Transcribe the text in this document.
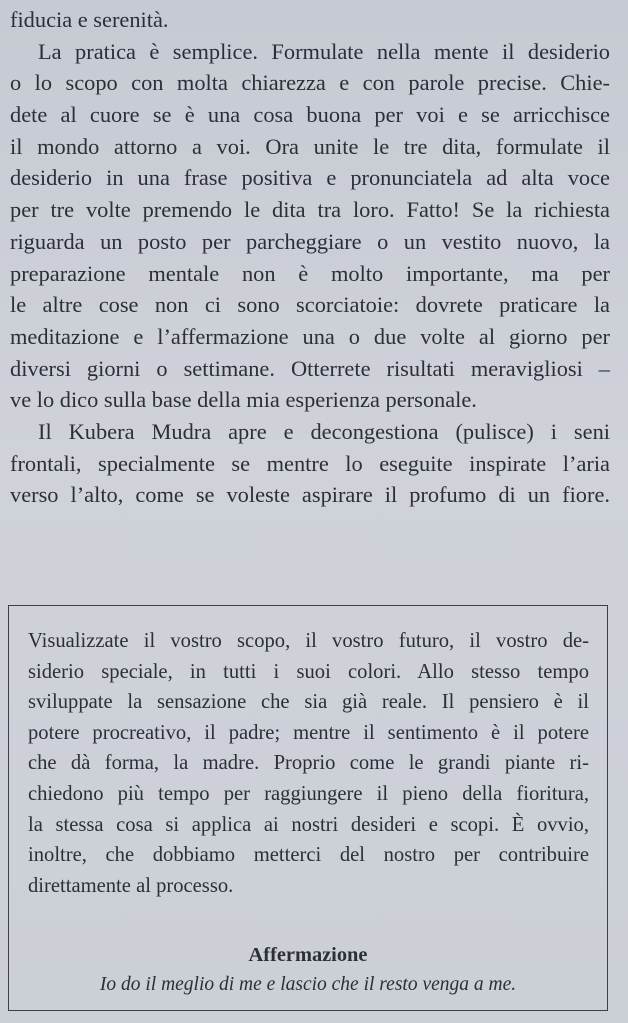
fiducia e serenità.
La pratica è semplice. Formulate nella mente il desiderio
o lo scopo con molta chiarezza e con parole precise. Chie-
dete al cuore se è una cosa buona per voi e se arricchisce
il mondo attorno a voi. Ora unite le tre dita, formulate il
desiderio in una frase positiva e pronunciatela ad alta voce
per tre volte premendo le dita tra loro. Fatto! Se la richiesta
riguarda un posto per parcheggiare o un vestito nuovo, la
preparazione mentale non è molto importante, ma per
le altre cose non ci sono scorciatoie: dovrete praticare la
meditazione e l’affermazione una o due volte al giorno per
diversi giorni o settimane. Otterrete risultati meravigliosi –
ve lo dico sulla base della mia esperienza personale.
Il Kubera Mudra apre e decongestiona (pulisce) i seni
frontali, specialmente se mentre lo eseguite inspirate l’aria
verso l’alto, come se voleste aspirare il profumo di un fiore.
Visualizzate il vostro scopo, il vostro futuro, il vostro de-
siderio speciale, in tutti i suoi colori. Allo stesso tempo
sviluppate la sensazione che sia già reale. Il pensiero è il
potere procreativo, il padre; mentre il sentimento è il potere
che dà forma, la madre. Proprio come le grandi piante ri-
chiedono più tempo per raggiungere il pieno della fioritura,
la stessa cosa si applica ai nostri desideri e scopi. È ovvio,
inoltre, che dobbiamo metterci del nostro per contribuire
direttamente al processo.
Affermazione
Io do il meglio di me e lascio che il resto venga a me.
